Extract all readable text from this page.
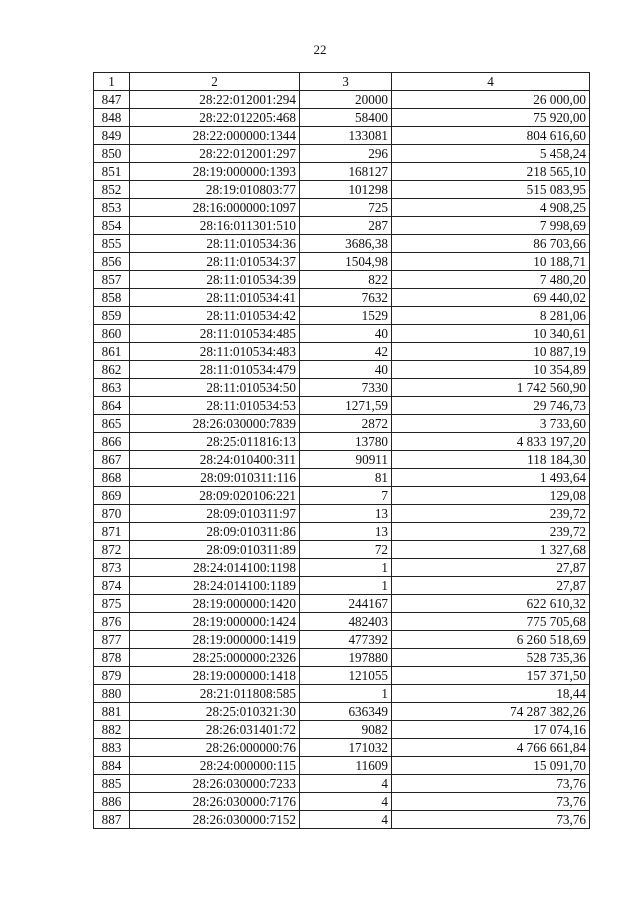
22
1	2	3	4
847	28:22:012001:294	20000	26 000,00
848	28:22:012205:468	58400	75 920,00
849	28:22:000000:1344	133081	804 616,60
850	28:22:012001:297	296	5 458,24
851	28:19:000000:1393	168127	218 565,10
852	28:19:010803:77	101298	515 083,95
853	28:16:000000:1097	725	4 908,25
854	28:16:011301:510	287	7 998,69
855	28:11:010534:36	3686,38	86 703,66
856	28:11:010534:37	1504,98	10 188,71
857	28:11:010534:39	822	7 480,20
858	28:11:010534:41	7632	69 440,02
859	28:11:010534:42	1529	8 281,06
860	28:11:010534:485	40	10 340,61
861	28:11:010534:483	42	10 887,19
862	28:11:010534:479	40	10 354,89
863	28:11:010534:50	7330	1 742 560,90
864	28:11:010534:53	1271,59	29 746,73
865	28:26:030000:7839	2872	3 733,60
866	28:25:011816:13	13780	4 833 197,20
867	28:24:010400:311	90911	118 184,30
868	28:09:010311:116	81	1 493,64
869	28:09:020106:221	7	129,08
870	28:09:010311:97	13	239,72
871	28:09:010311:86	13	239,72
872	28:09:010311:89	72	1 327,68
873	28:24:014100:1198	1	27,87
874	28:24:014100:1189	1	27,87
875	28:19:000000:1420	244167	622 610,32
876	28:19:000000:1424	482403	775 705,68
877	28:19:000000:1419	477392	6 260 518,69
878	28:25:000000:2326	197880	528 735,36
879	28:19:000000:1418	121055	157 371,50
880	28:21:011808:585	1	18,44
881	28:25:010321:30	636349	74 287 382,26
882	28:26:031401:72	9082	17 074,16
883	28:26:000000:76	171032	4 766 661,84
884	28:24:000000:115	11609	15 091,70
885	28:26:030000:7233	4	73,76
886	28:26:030000:7176	4	73,76
887	28:26:030000:7152	4	73,76
